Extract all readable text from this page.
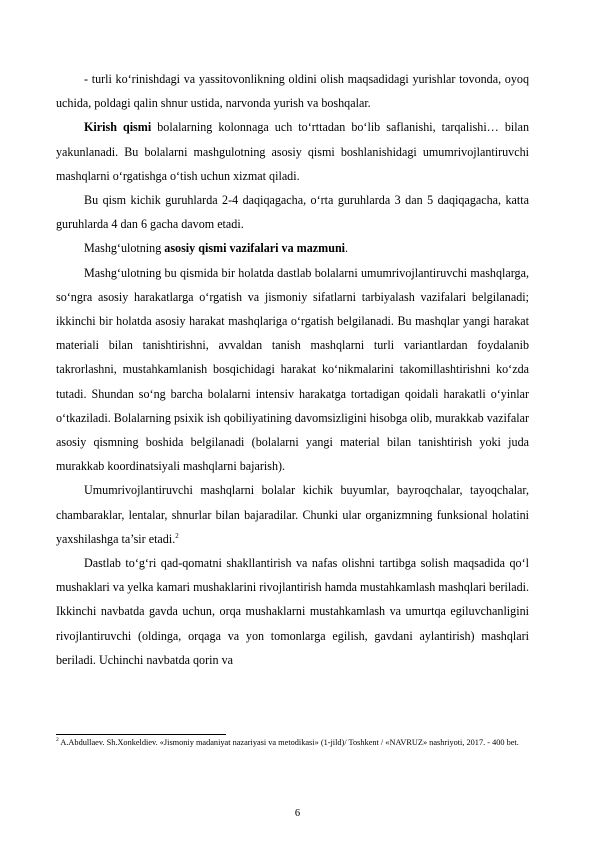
- turli ko‘rinishdagi va yassitovonlikning oldini olish maqsadidagi yurishlar tovonda, oyoq uchida, poldagi qalin shnur ustida, narvonda yurish va boshqalar.

Kirish qismi bolalarning kolonnaga uch to‘rttadan bo‘lib saflanishi, tarqalishi… bilan yakunlanadi. Bu bolalarni mashgulotning asosiy qismi boshlanishidagi umumrivojlantiruvchi mashqlarni o‘rgatishga o‘tish uchun xizmat qiladi.

Bu qism kichik guruhlarda 2-4 daqiqagacha, o‘rta guruhlarda 3 dan 5 daqiqagacha, katta guruhlarda 4 dan 6 gacha davom etadi.

Mashg‘ulotning asosiy qismi vazifalari va mazmuni.

Mashg‘ulotning bu qismida bir holatda dastlab bolalarni umumrivojlantiruvchi mashqlarga, so‘ngra asosiy harakatlarga o‘rgatish va jismoniy sifatlarni tarbiyalash vazifalari belgilanadi; ikkinchi bir holatda asosiy harakat mashqlariga o‘rgatish belgilanadi. Bu mashqlar yangi harakat materiali bilan tanishtirishni, avvaldan tanish mashqlarni turli variantlardan foydalanib takrorlashni, mustahkamlanish bosqichidagi harakat ko‘nikmalarini takomillashtirishni ko‘zda tutadi. Shundan so‘ng barcha bolalarni intensiv harakatga tortadigan qoidali harakatli o‘yinlar o‘tkaziladi. Bolalarning psixik ish qobiliyatining davomsizligini hisobga olib, murakkab vazifalar asosiy qismning boshida belgilanadi (bolalarni yangi material bilan tanishtirish yoki juda murakkab koordinatsiyali mashqlarni bajarish).

Umumrivojlantiruvchi mashqlarni bolalar kichik buyumlar, bayroqchalar, tayoqchalar, chambaraklar, lentalar, shnurlar bilan bajaradilar. Chunki ular organizmning funksional holatini yaxshilashga ta’sir etadi.$^2$

Dastlab to‘g‘ri qad-qomatni shakllantirish va nafas olishni tartibga solish maqsadida qo‘l mushaklari va yelka kamari mushaklarini rivojlantirish hamda mustahkamlash mashqlari beriladi. Ikkinchi navbatda gavda uchun, orqa mushaklarni mustahkamlash va umurtqa egiluvchanligini rivojlantiruvchi (oldinga, orqaga va yon tomonlarga egilish, gavdani aylantirish) mashqlari beriladi. Uchinchi navbatda qorin va

$^2$ A.Abdullaev. Sh.Xonkeldiev. «Jismoniy madaniyat nazariyasi va metodikasi» (1-jild)/ Toshkent / «NAVRUZ» nashriyoti, 2017. - 400 bet.
6
